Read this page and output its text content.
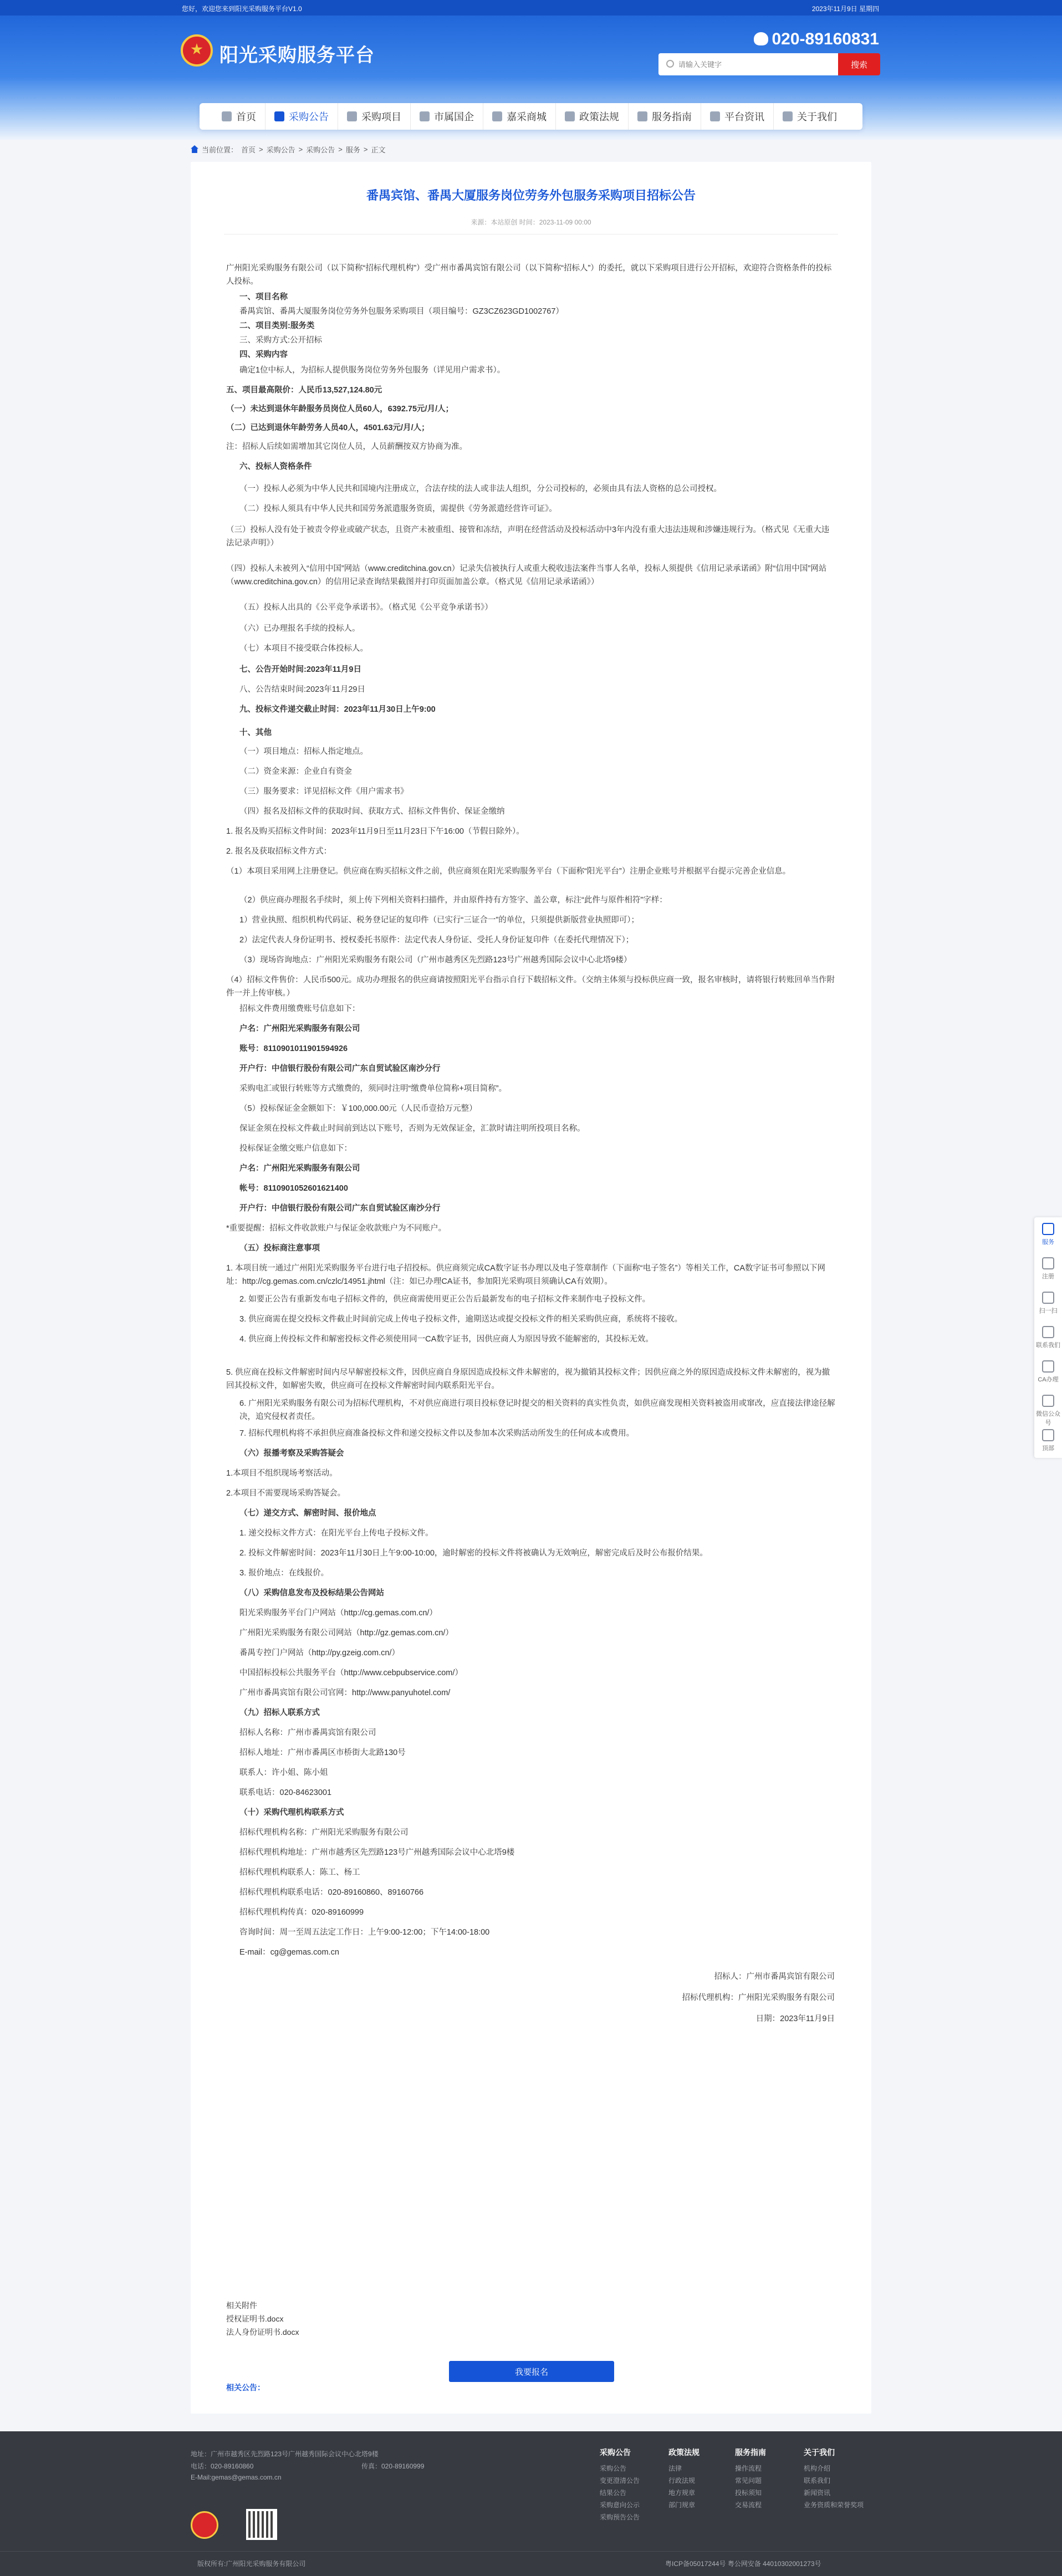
您好，欢迎您来到阳光采购服务平台V1.0	2023年11月9日 星期四
阳光采购服务平台
020-89160831
请输入关键字
搜索
首页	采购公告	采购项目	市属国企	嘉采商城	政策法规	服务指南	平台资讯	关于我们
当前位置： 首页 > 采购公告 > 采购公告 > 服务 > 正文
番禺宾馆、番禺大厦服务岗位劳务外包服务采购项目招标公告
来源：本站原创 时间：2023-11-09 00:00
广州阳光采购服务有限公司（以下简称“招标代理机构”）受广州市番禺宾馆有限公司（以下简称“招标人”）的委托，就以下采购项目进行公开招标，欢迎符合资格条件的投标人投标。
一、项目名称
番禺宾馆、番禺大厦服务岗位劳务外包服务采购项目（项目编号：GZ3CZ623GD1002767）
二、项目类别:服务类
三、采购方式:公开招标
四、采购内容
确定1位中标人，为招标人提供服务岗位劳务外包服务（详见用户需求书）。
五、项目最高限价：人民币13,527,124.80元
（一）未达到退休年龄服务员岗位人员60人，6392.75元/月/人；
（二）已达到退休年龄劳务人员40人，4501.63元/月/人；
注：招标人后续如需增加其它岗位人员，人员薪酬按双方协商为准。
六、投标人资格条件
（一）投标人必须为中华人民共和国境内注册成立，合法存续的法人或非法人组织，分公司投标的，必须由具有法人资格的总公司授权。
（二）投标人须具有中华人民共和国劳务派遣服务资质，需提供《劳务派遣经营许可证》。
（三）投标人没有处于被责令停业或破产状态，且资产未被重组、接管和冻结，声明在经营活动及投标活动中3年内没有重大违法违规和涉嫌违规行为。（格式见《无重大违法记录声明》）
（四）投标人未被列入“信用中国”网站（www.creditchina.gov.cn）记录失信被执行人或重大税收违法案件当事人名单，投标人须提供《信用记录承诺函》附“信用中国”网站（www.creditchina.gov.cn）的信用记录查询结果截图并打印页面加盖公章。（格式见《信用记录承诺函》）
（五）投标人出具的《公平竞争承诺书》。（格式见《公平竞争承诺书》）
（六）已办理报名手续的投标人。
（七）本项目不接受联合体投标人。
七、公告开始时间:2023年11月9日
八、公告结束时间:2023年11月29日
九、投标文件递交截止时间：2023年11月30日上午9:00
十、其他
（一）项目地点：招标人指定地点。
（二）资金来源：企业自有资金
（三）服务要求：详见招标文件《用户需求书》
（四）报名及招标文件的获取时间、获取方式、招标文件售价、保证金缴纳
1. 报名及购买招标文件时间：2023年11月9日至11月23日下午16:00（节假日除外）。
2. 报名及获取招标文件方式：
（1）本项目采用网上注册登记。供应商在购买招标文件之前，供应商须在阳光采购服务平台（下面称“阳光平台”）注册企业账号并根据平台提示完善企业信息。
（2）供应商办理报名手续时，须上传下列相关资料扫描件，并由原件持有方签字、盖公章，标注“此件与原件相符”字样：
1）营业执照、组织机构代码证、税务登记证的复印件（已实行“三证合一”的单位，只须提供新版营业执照即可）；
2）法定代表人身份证明书、授权委托书原件：法定代表人身份证、受托人身份证复印件（在委托代理情况下）；
（3）现场咨询地点：广州阳光采购服务有限公司（广州市越秀区先烈路123号广州越秀国际会议中心北塔9楼）
（4）招标文件售价：人民币500元。成功办理报名的供应商请按照阳光平台指示自行下载招标文件。（交纳主体须与投标供应商一致，报名审核时，请将银行转账回单当作附件一并上传审核。）
招标文件费用缴费账号信息如下：
户名：广州阳光采购服务有限公司
账号：8110901011901594926
开户行：中信银行股份有限公司广东自贸试验区南沙分行
采购电汇或银行转账等方式缴费的，须同时注明“缴费单位简称+项目简称”。
（5）投标保证金金额如下：￥100,000.00元（人民币壹拾万元整）
保证金须在投标文件截止时间前到达以下账号，否则为无效保证金，汇款时请注明所投项目名称。
投标保证金缴交账户信息如下：
户名：广州阳光采购服务有限公司
帐号：8110901052601621400
开户行：中信银行股份有限公司广东自贸试验区南沙分行
*重要提醒：招标文件收款账户与保证金收款账户为不同账户。
（五）投标商注意事项
1. 本项目统一通过广州阳光采购服务平台进行电子招投标。供应商须完成CA数字证书办理以及电子签章制作（下面称“电子签名”）等相关工作，CA数字证书可参照以下网址：http://cg.gemas.com.cn/czlc/14951.jhtml（注：如已办理CA证书，参加阳光采购项目须确认CA有效期）。
2. 如要正公告有重新发布电子招标文件的，供应商需使用更正公告后最新发布的电子招标文件来制作电子投标文件。
3. 供应商需在提交投标文件截止时间前完成上传电子投标文件，逾期送达或提交投标文件的相关采购供应商，系统将不接收。
4. 供应商上传投标文件和解密投标文件必须使用同一CA数字证书，因供应商人为原因导致不能解密的，其投标无效。
5. 供应商在投标文件解密时间内尽早解密投标文件，因供应商自身原因造成投标文件未解密的，视为撤销其投标文件；因供应商之外的原因造成投标文件未解密的，视为撤回其投标文件，如解密失败，供应商可在投标文件解密时间内联系阳光平台。
6. 广州阳光采购服务有限公司为招标代理机构，不对供应商进行项目投标登记时提交的相关资料的真实性负责，如供应商发现相关资料被盗用或窜改，应直接法律途径解决，追究侵权者责任。
7. 招标代理机构将不承担供应商准备投标文件和递交投标文件以及参加本次采购活动所发生的任何成本或费用。
（六）报播考察及采购答疑会
1.本项目不组织现场考察活动。
2.本项目不需要现场采购答疑会。
（七）递交方式、解密时间、报价地点
1. 递交投标文件方式：在阳光平台上传电子投标文件。
2. 投标文件解密时间：2023年11月30日上午9:00-10:00，逾时解密的投标文件将被确认为无效响应，解密完成后及时公布报价结果。
3. 报价地点：在线报价。
（八）采购信息发布及投标结果公告网站
阳光采购服务平台门户网站（http://cg.gemas.com.cn/）
广州阳光采购服务有限公司网站（http://gz.gemas.com.cn/）
番禺专控门户网站（http://py.gzeig.com.cn/）
中国招标投标公共服务平台（http://www.cebpubservice.com/）
广州市番禺宾馆有限公司官网：http://www.panyuhotel.com/
（九）招标人联系方式
招标人名称：广州市番禺宾馆有限公司
招标人地址：广州市番禺区市桥街大北路130号
联系人：许小姐、陈小姐
联系电话：020-84623001
（十）采购代理机构联系方式
招标代理机构名称：广州阳光采购服务有限公司
招标代理机构地址：广州市越秀区先烈路123号广州越秀国际会议中心北塔9楼
招标代理机构联系人：陈工、杨工
招标代理机构联系电话：020-89160860、89160766
招标代理机构传真：020-89160999
咨询时间：周一至周五法定工作日：上午9:00-12:00；下午14:00-18:00
E-mail：cg@gemas.com.cn
招标人：广州市番禺宾馆有限公司
招标代理机构：广州阳光采购服务有限公司
日期：2023年11月9日
相关附件
授权证明书.docx
法人身份证明书.docx
我要报名
相关公告：
服务
注册
扫一扫
联系我们
CA办理
微信公众号
顶部
地址：广州市越秀区先烈路123号广州越秀国际会议中心北塔9楼
电话：020-89160860	传真：020-89160999
E-Mail:gemas@gemas.com.cn
采购公告
采购公告
变更澄清公告
结果公告
采购意向公示
采购预告公告
政策法规
法律
行政法规
地方规章
部门规章
服务指南
操作流程
常见问题
投标须知
交易流程
关于我们
机构介绍
联系我们
新闻资讯
业务资质和荣誉奖项
版权所有:广州阳光采购服务有限公司	粤ICP备05017244号 粤公网安备 44010302001273号
